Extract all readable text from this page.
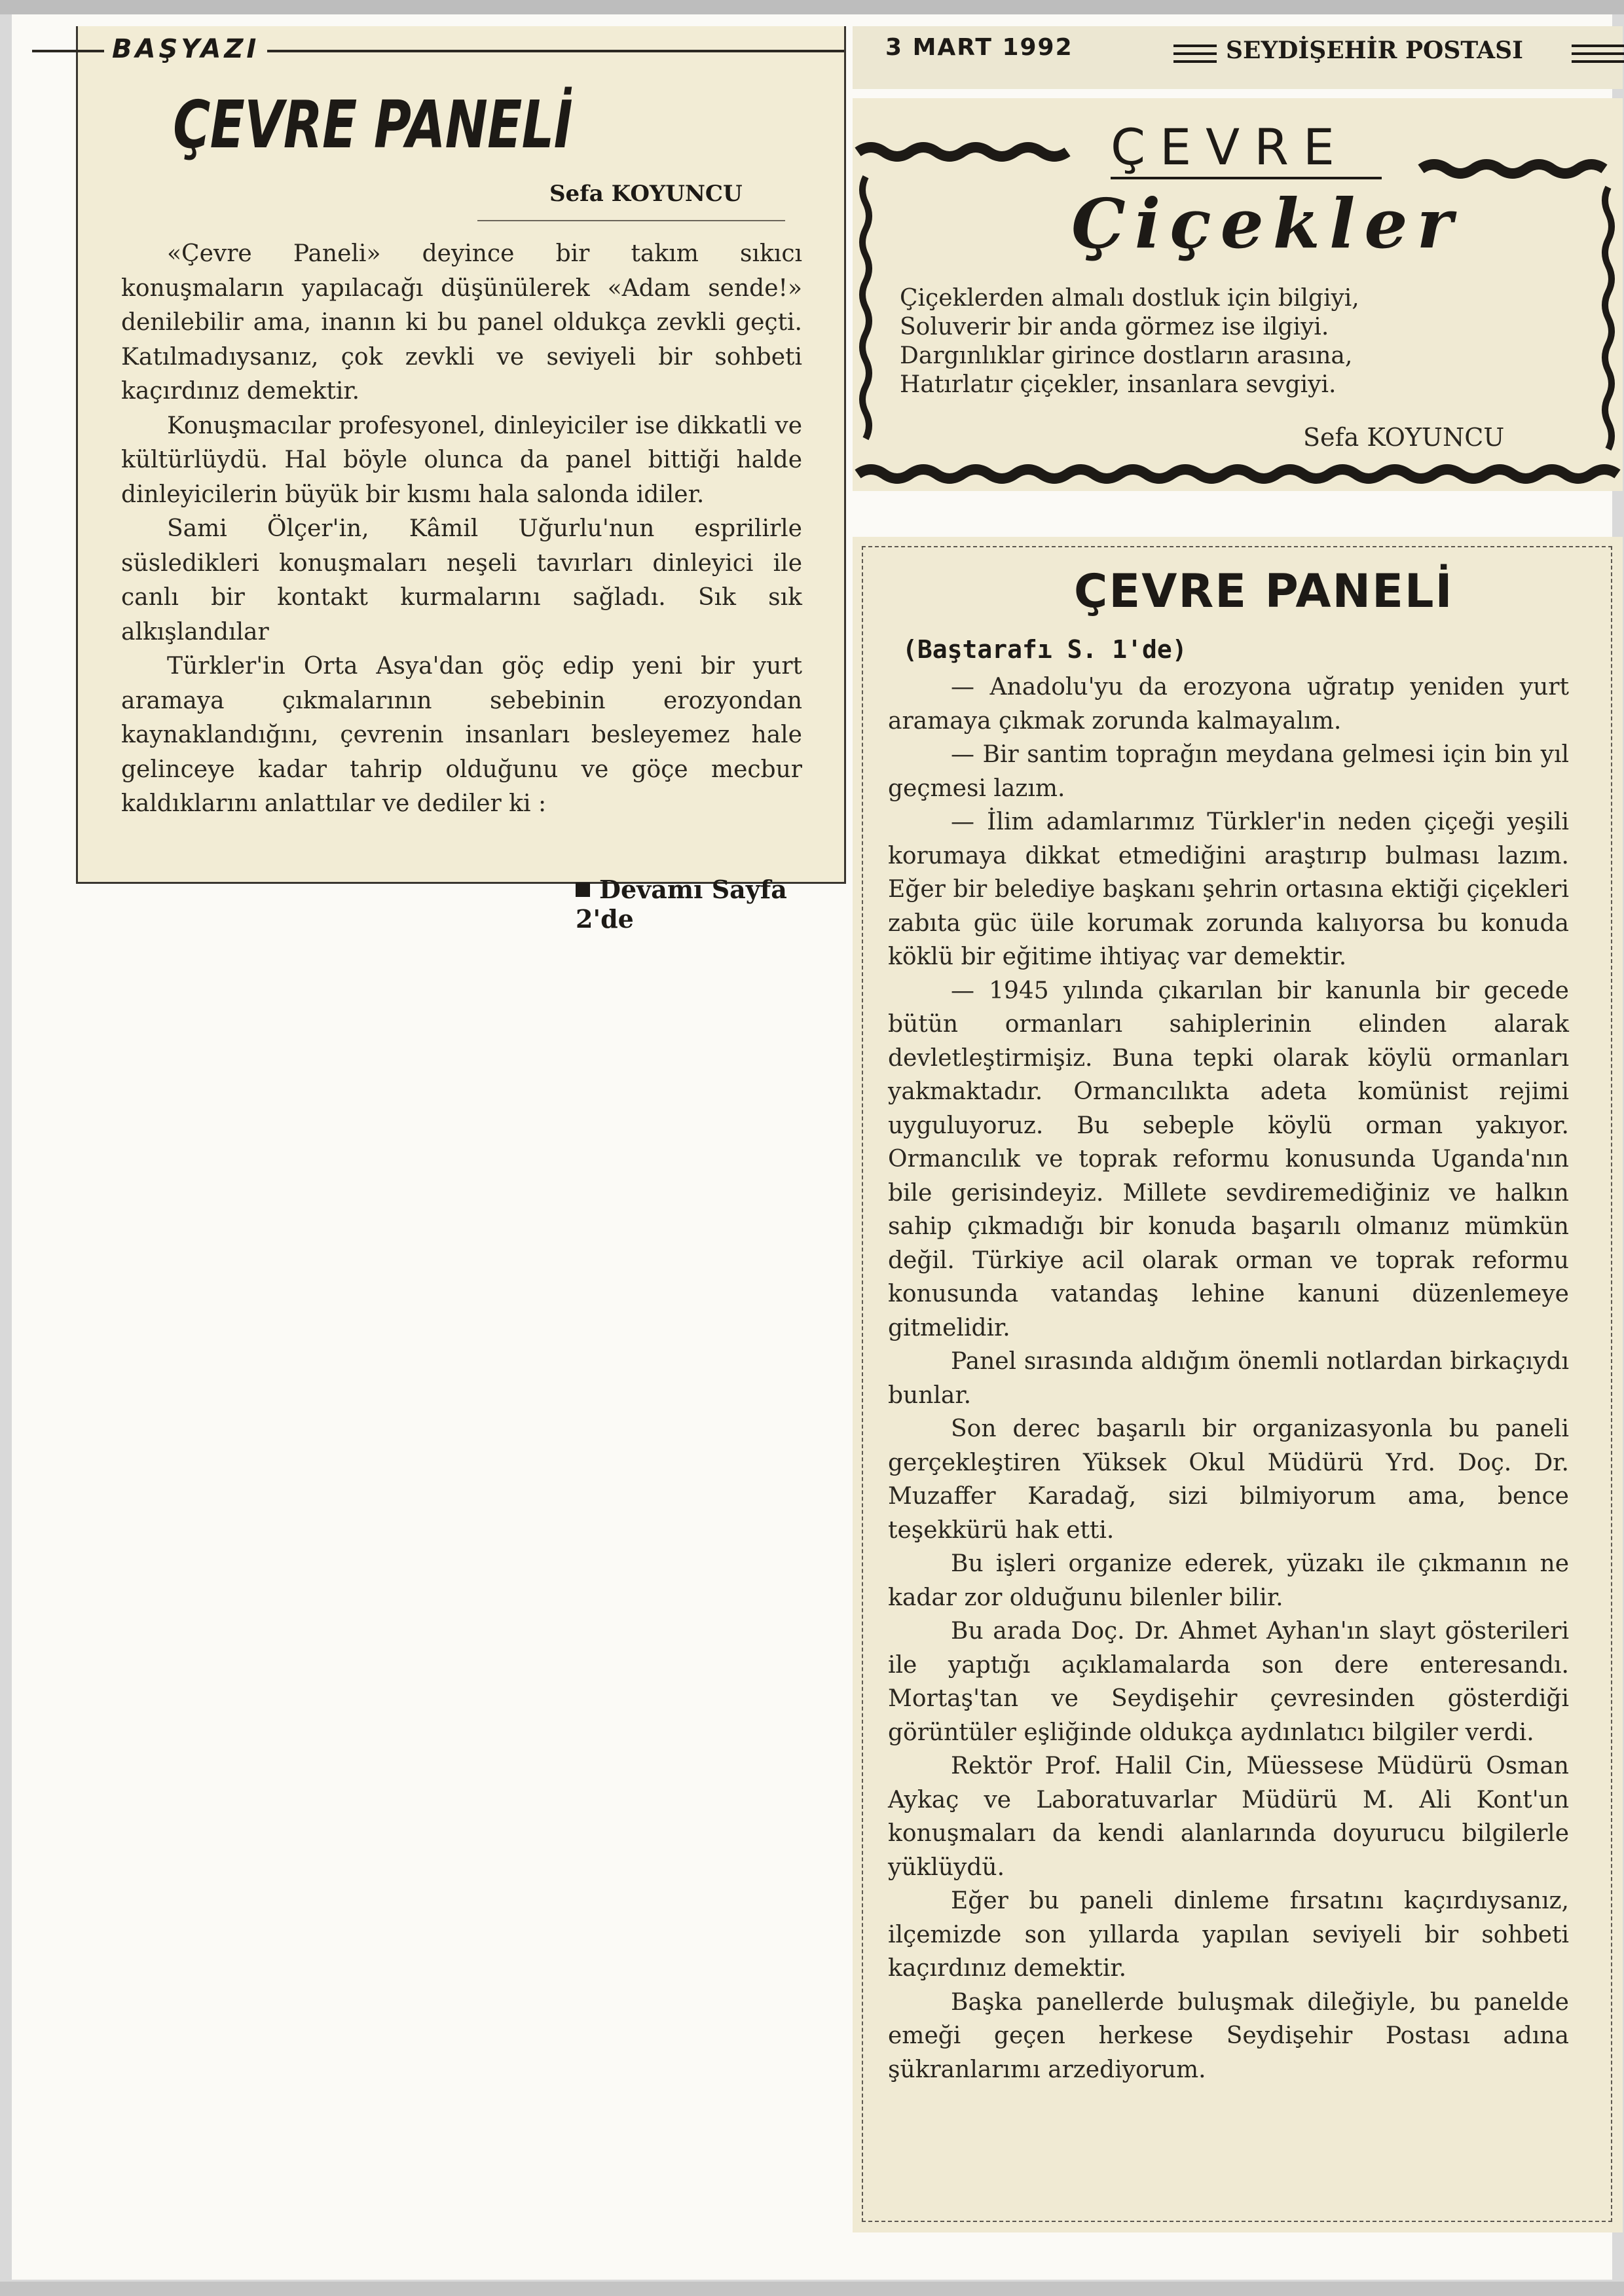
BAŞYAZI
ÇEVRE PANELİ
Sefa KOYUNCU

«Çevre Paneli» deyince bir takım sıkıcı konuşmaların yapılacağı düşünülerek «Adam sende!» denilebilir ama, inanın ki bu panel oldukça zevkli geçti. Katılmadıysanız, çok zevkli ve seviyeli bir sohbeti kaçırdınız demektir.

Konuşmacılar profesyonel, dinleyiciler ise dikkatli ve kültürlüydü. Hal böyle olunca da panel bittiği halde dinleyicilerin büyük bir kısmı hala salonda idiler.

Sami Ölçer'in, Kâmil Uğurlu'nun esprilirle süsledikleri konuşmaları neşeli tavırları dinleyici ile canlı bir kontakt kurmalarını sağladı. Sık sık alkışlandılar

Türkler'in Orta Asya'dan göç edip yeni bir yurt aramaya çıkmalarının sebebinin erozyondan kaynaklandığını, çevrenin insanları besleyemez hale gelinceye kadar tahrip olduğunu ve göçe mecbur kaldıklarını anlattılar ve dediler ki :

Devamı Sayfa 2'de
3 MART 1992	SEYDİŞEHİR POSTASI
ÇEVRE
Çiçekler
Çiçeklerden almalı dostluk için bilgiyi,
Soluverir bir anda görmez ise ilgiyi.
Dargınlıklar girince dostların arasına,
Hatırlatır çiçekler, insanlara sevgiyi.
Sefa KOYUNCU
ÇEVRE PANELİ
(Baştarafı S. 1'de)

— Anadolu'yu da erozyona uğratıp yeniden yurt aramaya çıkmak zorunda kalmayalım.

— Bir santim toprağın meydana gelmesi için bin yıl geçmesi lazım.

— İlim adamlarımız Türkler'in neden çiçeği yeşili korumaya dikkat etmediğini araştırıp bulması lazım. Eğer bir belediye başkanı şehrin ortasına ektiği çiçekleri zabıta güc üile korumak zorunda kalıyorsa bu konuda köklü bir eğitime ihtiyaç var demektir.

— 1945 yılında çıkarılan bir kanunla bir gecede bütün ormanları sahiplerinin elinden alarak devletleştirmişiz. Buna tepki olarak köylü ormanları yakmaktadır. Ormancılıkta adeta komünist rejimi uyguluyoruz. Bu sebeple köylü orman yakıyor. Ormancılık ve toprak reformu konusunda Uganda'nın bile gerisindeyiz. Millete sevdiremediğiniz ve halkın sahip çıkmadığı bir konuda başarılı olmanız mümkün değil. Türkiye acil olarak orman ve toprak reformu konusunda vatandaş lehine kanuni düzenlemeye gitmelidir.

Panel sırasında aldığım önemli notlardan birkaçıydı bunlar.

Son derec başarılı bir organizasyonla bu paneli gerçekleştiren Yüksek Okul Müdürü Yrd. Doç. Dr. Muzaffer Karadağ, sizi bilmiyorum ama, bence teşekkürü hak etti.

Bu işleri organize ederek, yüzakı ile çıkmanın ne kadar zor olduğunu bilenler bilir.

Bu arada Doç. Dr. Ahmet Ayhan'ın slayt gösterileri ile yaptığı açıklamalarda son dere enteresandı. Mortaş'tan ve Seydişehir çevresinden gösterdiği görüntüler eşliğinde oldukça aydınlatıcı bilgiler verdi.

Rektör Prof. Halil Cin, Müessese Müdürü Osman Aykaç ve Laboratuvarlar Müdürü M. Ali Kont'un konuşmaları da kendi alanlarında doyurucu bilgilerle yüklüydü.

Eğer bu paneli dinleme fırsatını kaçırdıysanız, ilçemizde son yıllarda yapılan seviyeli bir sohbeti kaçırdınız demektir.

Başka panellerde buluşmak dileğiyle, bu panelde emeği geçen herkese Seydişehir Postası adına şükranlarımı arzediyorum.
